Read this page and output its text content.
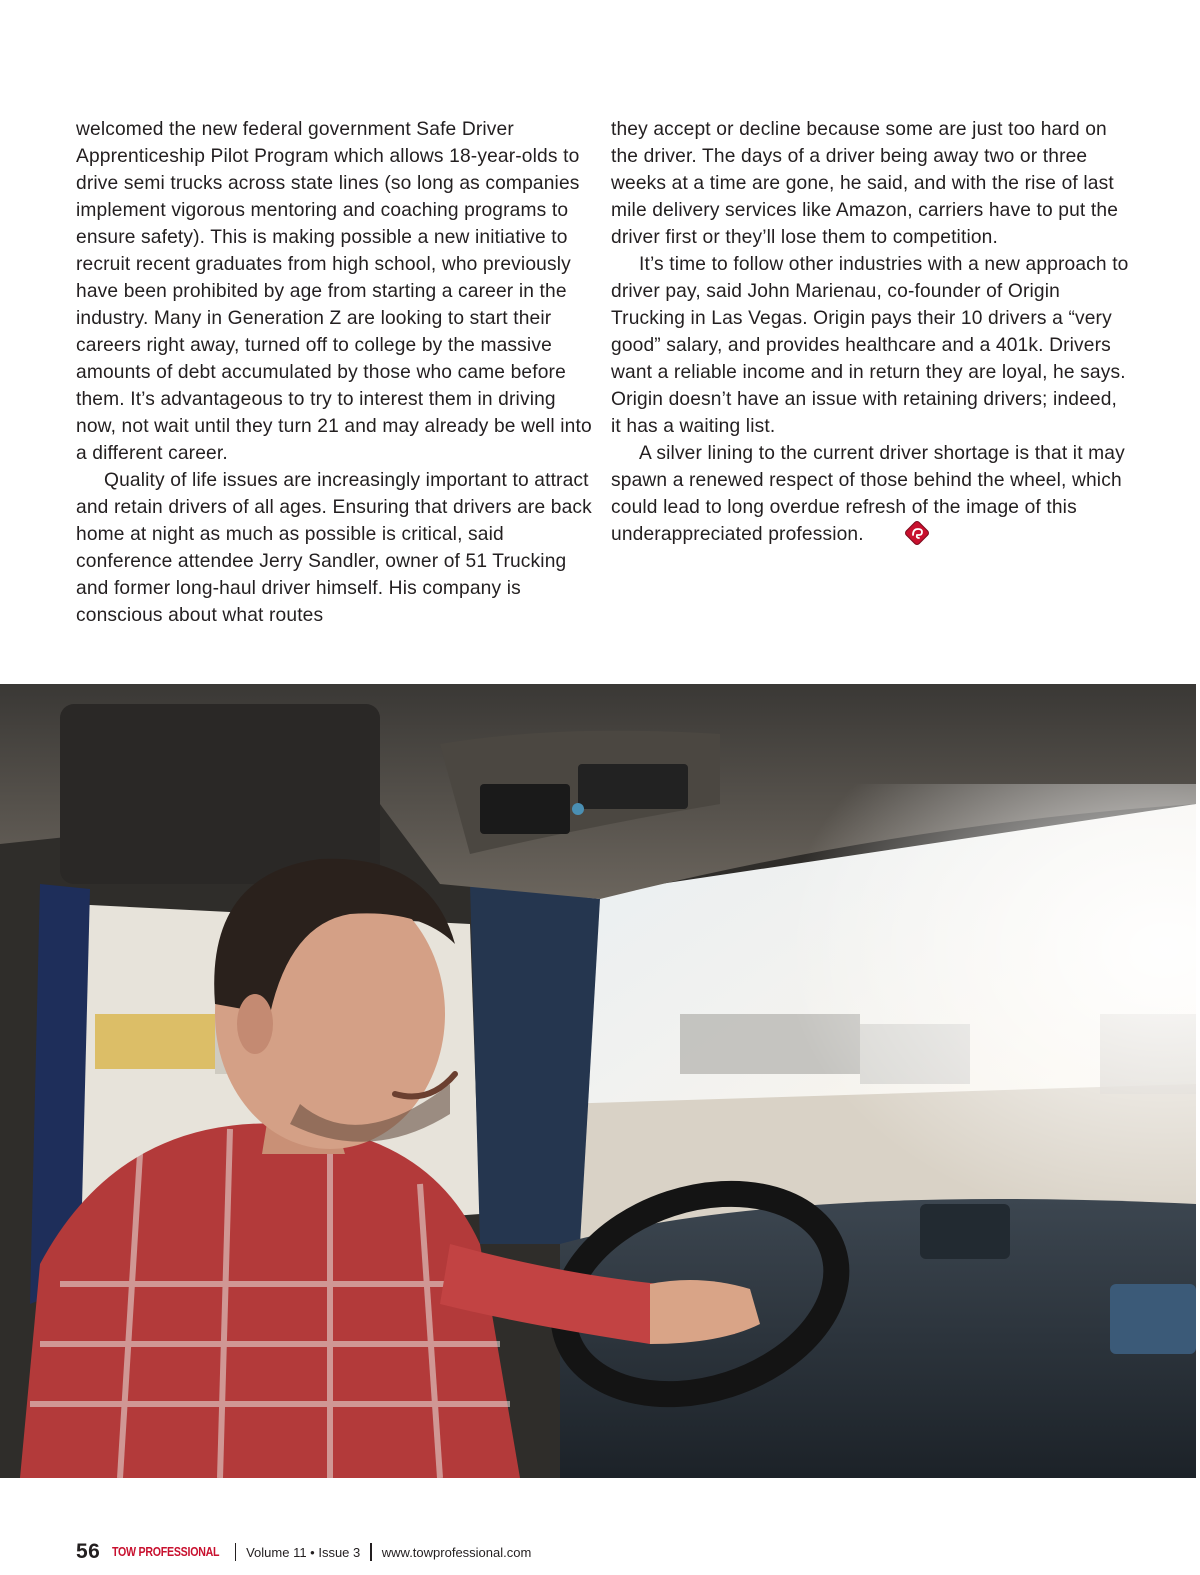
welcomed the new federal government Safe Driver Apprenticeship Pilot Program which allows 18-year-olds to drive semi trucks across state lines (so long as companies implement vigorous mentoring and coaching programs to ensure safety). This is making possible a new initiative to recruit recent graduates from high school, who previously have been prohibited by age from starting a career in the industry. Many in Generation Z are looking to start their careers right away, turned off to college by the massive amounts of debt accumulated by those who came before them. It’s advantageous to try to interest them in driving now, not wait until they turn 21 and may already be well into a different career.

Quality of life issues are increasingly important to attract and retain drivers of all ages. Ensuring that drivers are back home at night as much as possible is critical, said conference attendee Jerry Sandler, owner of 51 Trucking and former long-haul driver himself. His company is conscious about what routes

they accept or decline because some are just too hard on the driver. The days of a driver being away two or three weeks at a time are gone, he said, and with the rise of last mile delivery services like Amazon, carriers have to put the driver first or they’ll lose them to competition.

It’s time to follow other industries with a new approach to driver pay, said John Marienau, co-founder of Origin Trucking in Las Vegas. Origin pays their 10 drivers a “very good” salary, and provides healthcare and a 401k. Drivers want a reliable income and in return they are loyal, he says. Origin doesn’t have an issue with retaining drivers; indeed, it has a waiting list.

A silver lining to the current driver shortage is that it may spawn a renewed respect of those behind the wheel, which could lead to long overdue refresh of the image of this underappreciated profession.

56 TOW PROFESSIONAL Volume 11 • Issue 3 www.towprofessional.com
